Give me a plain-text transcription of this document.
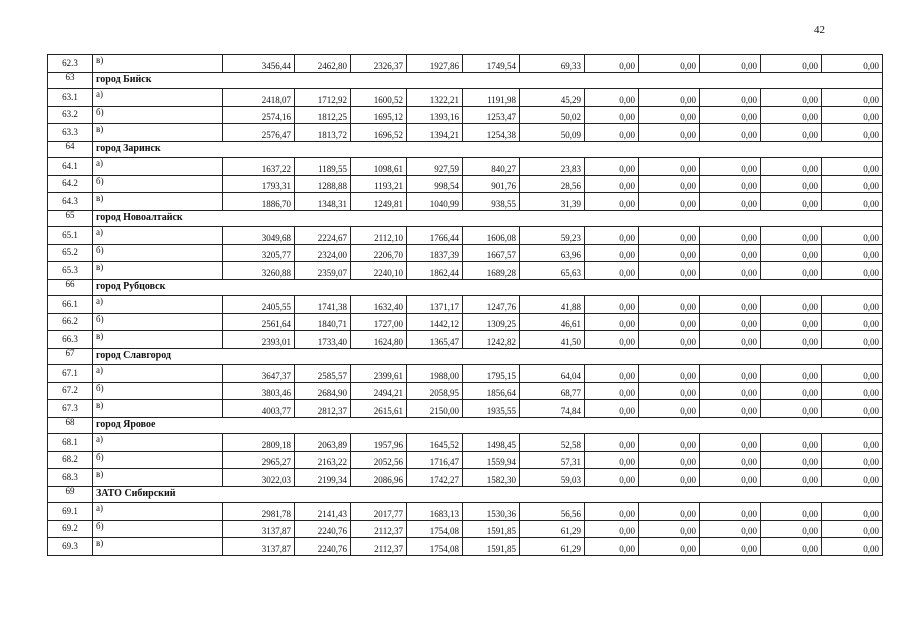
42
62.3	в)	3456,44	2462,80	2326,37	1927,86	1749,54	69,33	0,00	0,00	0,00	0,00	0,00
63	город Бийск											
63.1	а)	2418,07	1712,92	1600,52	1322,21	1191,98	45,29	0,00	0,00	0,00	0,00	0,00
63.2	б)	2574,16	1812,25	1695,12	1393,16	1253,47	50,02	0,00	0,00	0,00	0,00	0,00
63.3	в)	2576,47	1813,72	1696,52	1394,21	1254,38	50,09	0,00	0,00	0,00	0,00	0,00
64	город Заринск											
64.1	а)	1637,22	1189,55	1098,61	927,59	840,27	23,83	0,00	0,00	0,00	0,00	0,00
64.2	б)	1793,31	1288,88	1193,21	998,54	901,76	28,56	0,00	0,00	0,00	0,00	0,00
64.3	в)	1886,70	1348,31	1249,81	1040,99	938,55	31,39	0,00	0,00	0,00	0,00	0,00
65	город Новоалтайск											
65.1	а)	3049,68	2224,67	2112,10	1766,44	1606,08	59,23	0,00	0,00	0,00	0,00	0,00
65.2	б)	3205,77	2324,00	2206,70	1837,39	1667,57	63,96	0,00	0,00	0,00	0,00	0,00
65.3	в)	3260,88	2359,07	2240,10	1862,44	1689,28	65,63	0,00	0,00	0,00	0,00	0,00
66	город Рубцовск											
66.1	а)	2405,55	1741,38	1632,40	1371,17	1247,76	41,88	0,00	0,00	0,00	0,00	0,00
66.2	б)	2561,64	1840,71	1727,00	1442,12	1309,25	46,61	0,00	0,00	0,00	0,00	0,00
66.3	в)	2393,01	1733,40	1624,80	1365,47	1242,82	41,50	0,00	0,00	0,00	0,00	0,00
67	город Славгород											
67.1	а)	3647,37	2585,57	2399,61	1988,00	1795,15	64,04	0,00	0,00	0,00	0,00	0,00
67.2	б)	3803,46	2684,90	2494,21	2058,95	1856,64	68,77	0,00	0,00	0,00	0,00	0,00
67.3	в)	4003,77	2812,37	2615,61	2150,00	1935,55	74,84	0,00	0,00	0,00	0,00	0,00
68	город Яровое											
68.1	а)	2809,18	2063,89	1957,96	1645,52	1498,45	52,58	0,00	0,00	0,00	0,00	0,00
68.2	б)	2965,27	2163,22	2052,56	1716,47	1559,94	57,31	0,00	0,00	0,00	0,00	0,00
68.3	в)	3022,03	2199,34	2086,96	1742,27	1582,30	59,03	0,00	0,00	0,00	0,00	0,00
69	ЗАТО Сибирский											
69.1	а)	2981,78	2141,43	2017,77	1683,13	1530,36	56,56	0,00	0,00	0,00	0,00	0,00
69.2	б)	3137,87	2240,76	2112,37	1754,08	1591,85	61,29	0,00	0,00	0,00	0,00	0,00
69.3	в)	3137,87	2240,76	2112,37	1754,08	1591,85	61,29	0,00	0,00	0,00	0,00	0,00
